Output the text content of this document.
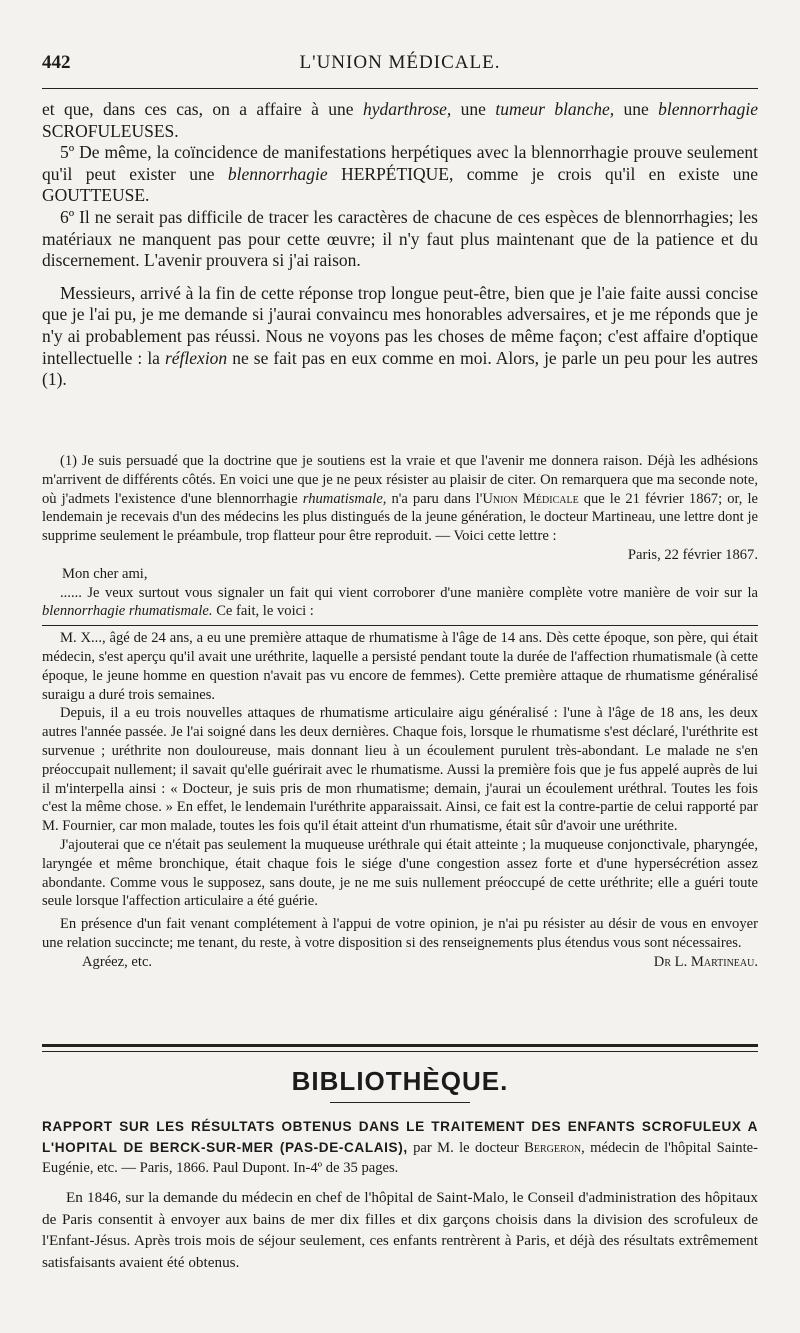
442	L'UNION MÉDICALE.

et que, dans ces cas, on a affaire à une hydarthrose, une tumeur blanche, une blennorrhagie SCROFULEUSES.

5º De même, la coïncidence de manifestations herpétiques avec la blennorrhagie prouve seulement qu'il peut exister une blennorrhagie HERPÉTIQUE, comme je crois qu'il en existe une GOUTTEUSE.

6º Il ne serait pas difficile de tracer les caractères de chacune de ces espèces de blennorrhagies; les matériaux ne manquent pas pour cette œuvre; il n'y faut plus maintenant que de la patience et du discernement. L'avenir prouvera si j'ai raison.

Messieurs, arrivé à la fin de cette réponse trop longue peut-être, bien que je l'aie faite aussi concise que je l'ai pu, je me demande si j'aurai convaincu mes honorables adversaires, et je me réponds que je n'y ai probablement pas réussi. Nous ne voyons pas les choses de même façon; c'est affaire d'optique intellectuelle : la réflexion ne se fait pas en eux comme en moi. Alors, je parle un peu pour les autres (1).

(1) Je suis persuadé que la doctrine que je soutiens est la vraie et que l'avenir me donnera raison. Déjà les adhésions m'arrivent de différents côtés. En voici une que je ne peux résister au plaisir de citer. On remarquera que ma seconde note, où j'admets l'existence d'une blennorrhagie rhumatismale, n'a paru dans l'Union Médicale que le 21 février 1867; or, le lendemain je recevais d'un des médecins les plus distingués de la jeune génération, le docteur Martineau, une lettre dont je supprime seulement le préambule, trop flatteur pour être reproduit. — Voici cette lettre :

Paris, 22 février 1867.

Mon cher ami,

...... Je veux surtout vous signaler un fait qui vient corroborer d'une manière complète votre manière de voir sur la blennorrhagie rhumatismale. Ce fait, le voici :

M. X..., âgé de 24 ans, a eu une première attaque de rhumatisme à l'âge de 14 ans. Dès cette époque, son père, qui était médecin, s'est aperçu qu'il avait une uréthrite, laquelle a persisté pendant toute la durée de l'affection rhumatismale (à cette époque, le jeune homme en question n'avait pas vu encore de femmes). Cette première attaque de rhumatisme généralisé suraigu a duré trois semaines.

Depuis, il a eu trois nouvelles attaques de rhumatisme articulaire aigu généralisé : l'une à l'âge de 18 ans, les deux autres l'année passée. Je l'ai soigné dans les deux dernières. Chaque fois, lorsque le rhumatisme s'est déclaré, l'uréthrite est survenue ; uréthrite non douloureuse, mais donnant lieu à un écoulement purulent très-abondant. Le malade ne s'en préoccupait nullement; il savait qu'elle guérirait avec le rhumatisme. Aussi la première fois que je fus appelé auprès de lui il m'interpella ainsi : « Docteur, je suis pris de mon rhumatisme; demain, j'aurai un écoulement uréthral. Toutes les fois c'est la même chose. » En effet, le lendemain l'uréthrite apparaissait. Ainsi, ce fait est la contre-partie de celui rapporté par M. Fournier, car mon malade, toutes les fois qu'il était atteint d'un rhumatisme, était sûr d'avoir une uréthrite.

J'ajouterai que ce n'était pas seulement la muqueuse uréthrale qui était atteinte ; la muqueuse conjonctivale, pharyngée, laryngée et même bronchique, était chaque fois le siége d'une congestion assez forte et d'une hypersécrétion assez abondante. Comme vous le supposez, sans doute, je ne me suis nullement préoccupé de cette uréthrite; elle a guéri toute seule lorsque l'affection articulaire a été guérie.

En présence d'un fait venant complétement à l'appui de votre opinion, je n'ai pu résister au désir de vous en envoyer une relation succincte; me tenant, du reste, à votre disposition si des renseignements plus étendus vous sont nécessaires.

Agréez, etc.	Dr L. Martineau.

BIBLIOTHÈQUE.
RAPPORT SUR LES RÉSULTATS OBTENUS DANS LE TRAITEMENT DES ENFANTS SCROFULEUX A L'HOPITAL DE BERCK-SUR-MER (PAS-DE-CALAIS), par M. le docteur Bergeron, médecin de l'hôpital Sainte-Eugénie, etc. — Paris, 1866. Paul Dupont. In-4º de 35 pages.

En 1846, sur la demande du médecin en chef de l'hôpital de Saint-Malo, le Conseil d'administration des hôpitaux de Paris consentit à envoyer aux bains de mer dix filles et dix garçons choisis dans la division des scrofuleux de l'Enfant-Jésus. Après trois mois de séjour seulement, ces enfants rentrèrent à Paris, et déjà des résultats extrêmement satisfaisants avaient été obtenus.
